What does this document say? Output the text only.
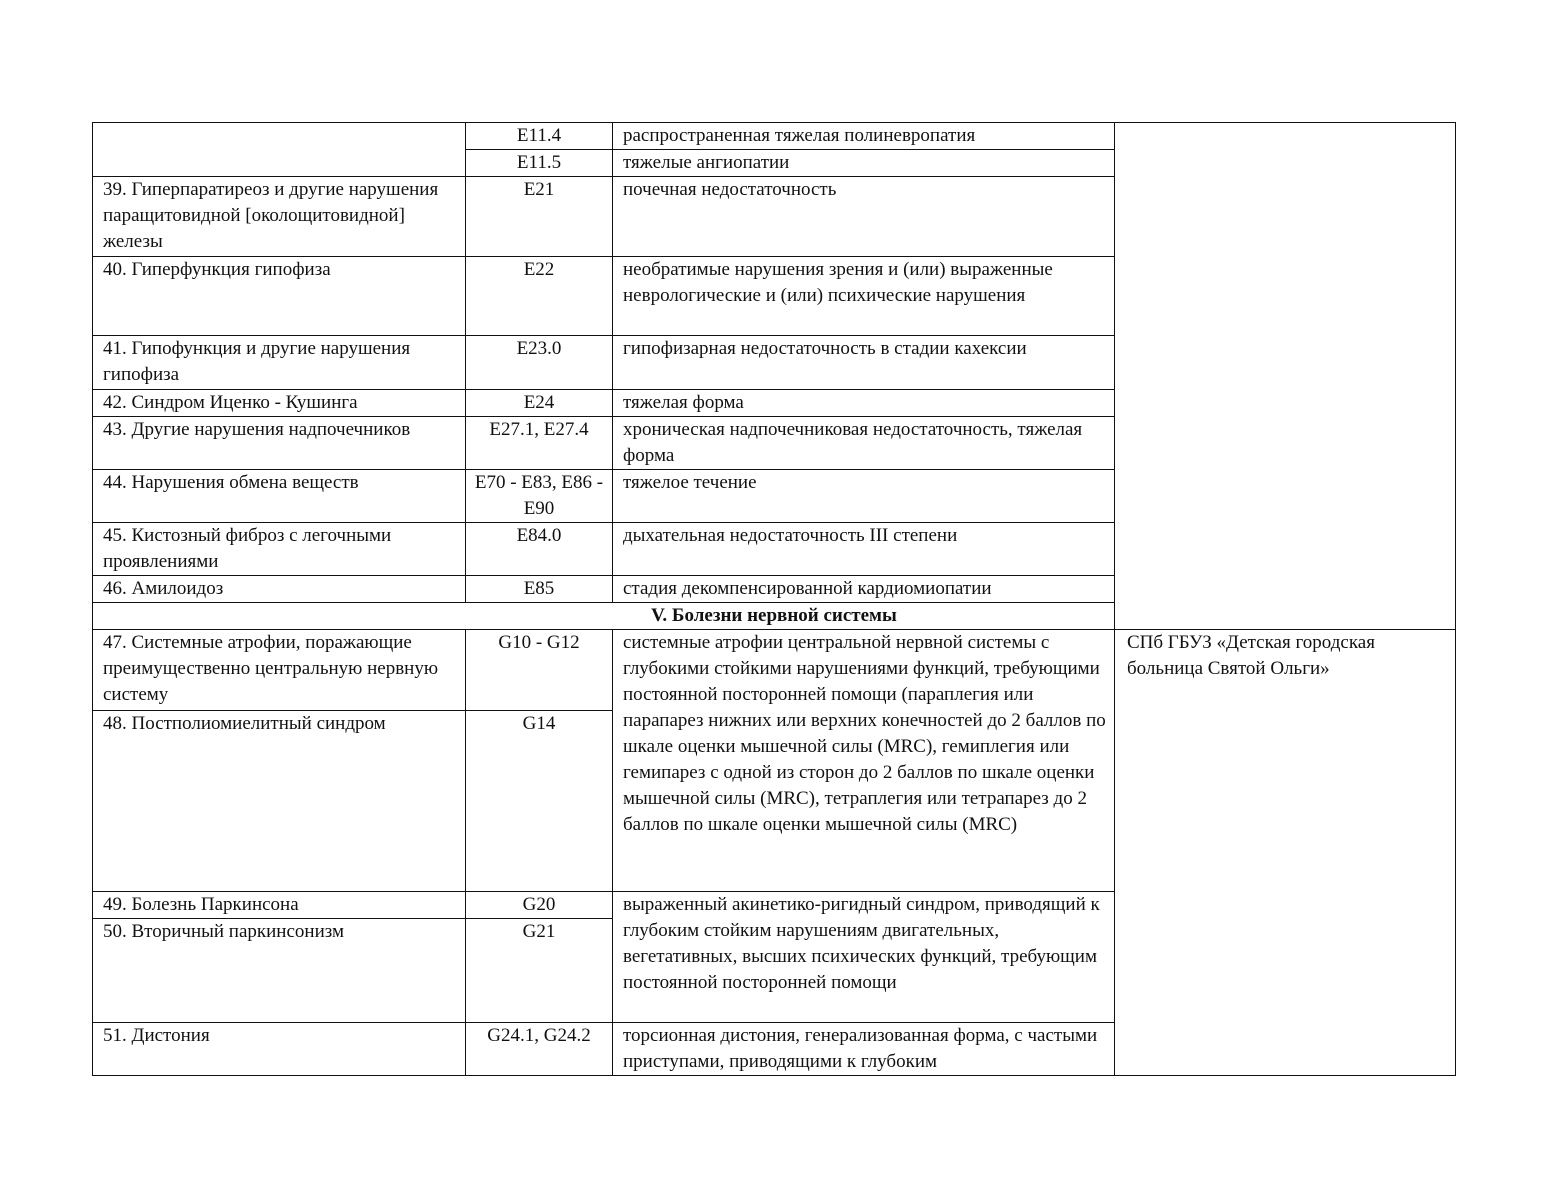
	E11.4	распространенная тяжелая полиневропатия	
	E11.5	тяжелые ангиопатии	
39. Гиперпаратиреоз и другие нарушения паращитовидной [околощитовидной] железы	E21	почечная недостаточность	
40. Гиперфункция гипофиза	E22	необратимые нарушения зрения и (или) выраженные неврологические и (или) психические нарушения	
41. Гипофункция и другие нарушения гипофиза	E23.0	гипофизарная недостаточность в стадии кахексии	
42. Синдром Иценко - Кушинга	E24	тяжелая форма	
43. Другие нарушения надпочечников	E27.1, E27.4	хроническая надпочечниковая недостаточность, тяжелая форма	
44. Нарушения обмена веществ	E70 - E83, E86 - E90	тяжелое течение	
45. Кистозный фиброз с легочными проявлениями	E84.0	дыхательная недостаточность III степени	
46. Амилоидоз	E85	стадия декомпенсированной кардиомиопатии	
V. Болезни нервной системы			
47. Системные атрофии, поражающие преимущественно центральную нервную систему	G10 - G12	системные атрофии центральной нервной системы с глубокими стойкими нарушениями функций, требующими постоянной посторонней помощи (параплегия или парапарез нижних или верхних конечностей до 2 баллов по шкале оценки мышечной силы (MRC), гемиплегия или гемипарез с одной из сторон до 2 баллов по шкале оценки мышечной силы (MRC), тетраплегия или тетрапарез до 2 баллов по шкале оценки мышечной силы (MRC)	СПб ГБУЗ «Детская городская больница Святой Ольги»
48. Постполиомиелитный синдром	G14		
49. Болезнь Паркинсона	G20	выраженный акинетико-ригидный синдром, приводящий к глубоким стойким нарушениям двигательных, вегетативных, высших психических функций, требующим постоянной посторонней помощи	
50. Вторичный паркинсонизм	G21		
51. Дистония	G24.1, G24.2	торсионная дистония, генерализованная форма, с частыми приступами, приводящими к глубоким	
